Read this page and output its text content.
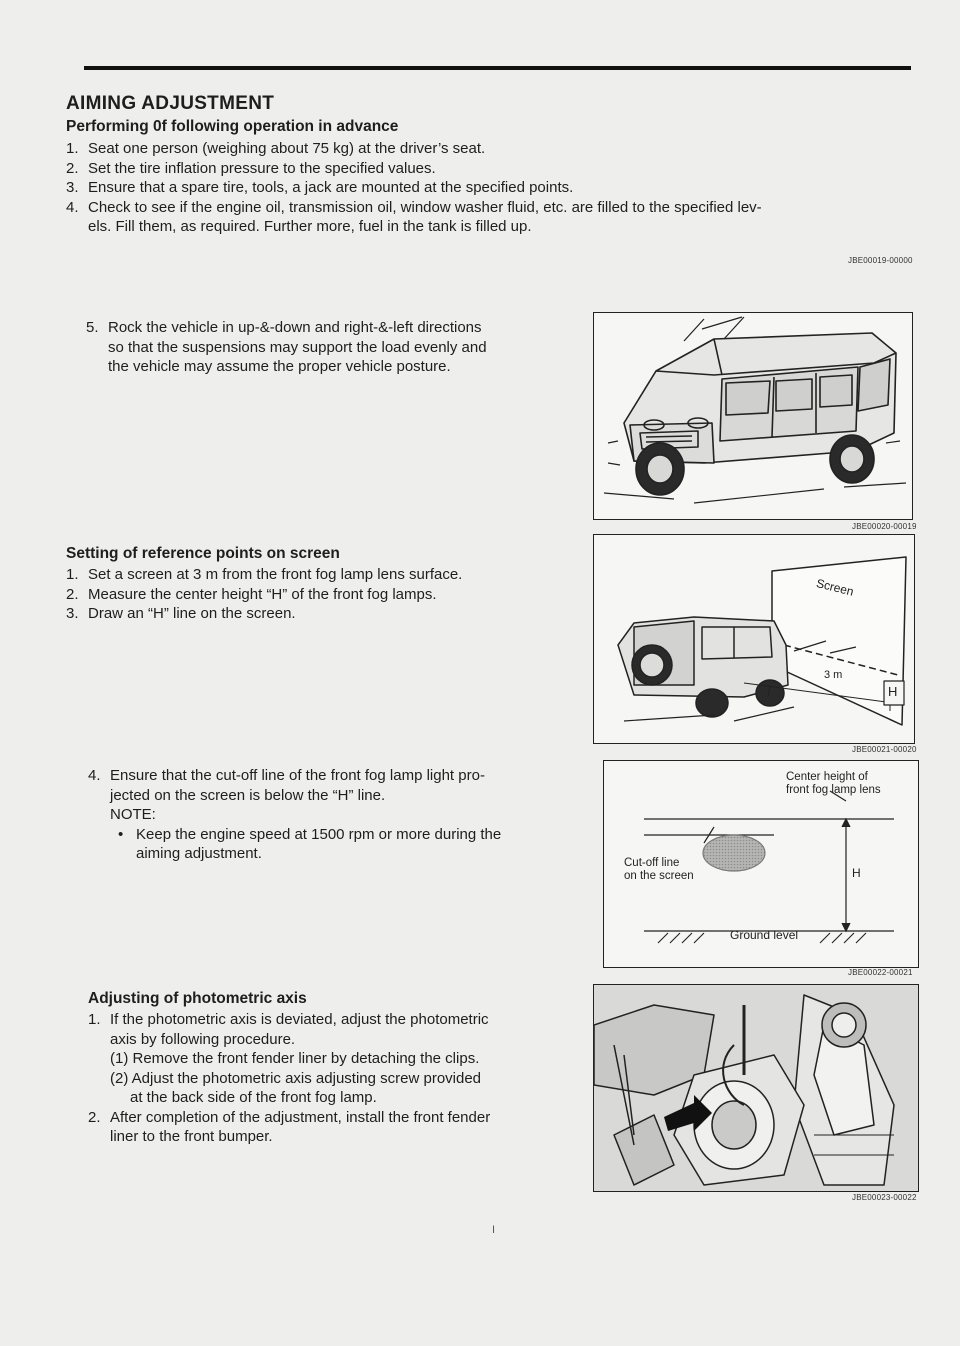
AIMING ADJUSTMENT
Performing 0f following operation in advance
1. Seat one person (weighing about 75 kg) at the driver’s seat.
2. Set the tire inflation pressure to the specified values.
3. Ensure that a spare tire, tools, a jack are mounted at the specified points.
4. Check to see if the engine oil, transmission oil, window washer fluid, etc. are filled to the specified lev-
els. Fill them, as required. Further more, fuel in the tank is filled up.
JBE00019-00000
5. Rock the vehicle in up-&-down and right-&-left directions
so that the suspensions may support the load evenly and
the vehicle may assume the proper vehicle posture.
JBE00020-00019
Setting of reference points on screen
1. Set a screen at 3 m from the front fog lamp lens surface.
2. Measure the center height “H” of the front fog lamps.
3. Draw an “H” line on the screen.
Screen
3 m
H
JBE00021-00020
4. Ensure that the cut-off line of the front fog lamp light pro-
jected on the screen is below the “H” line.
NOTE:
• Keep the engine speed at 1500 rpm or more during the
aiming adjustment.
Center height of
front fog lamp lens
Cut-off line
on the screen	H
Ground level
JBE00022-00021
Adjusting of photometric axis
1. If the photometric axis is deviated, adjust the photometric
axis by following procedure.
(1) Remove the front fender liner by detaching the clips.
(2) Adjust the photometric axis adjusting screw provided
at the back side of the front fog lamp.
2. After completion of the adjustment, install the front fender
liner to the front bumper.
JBE00023-00022
I
